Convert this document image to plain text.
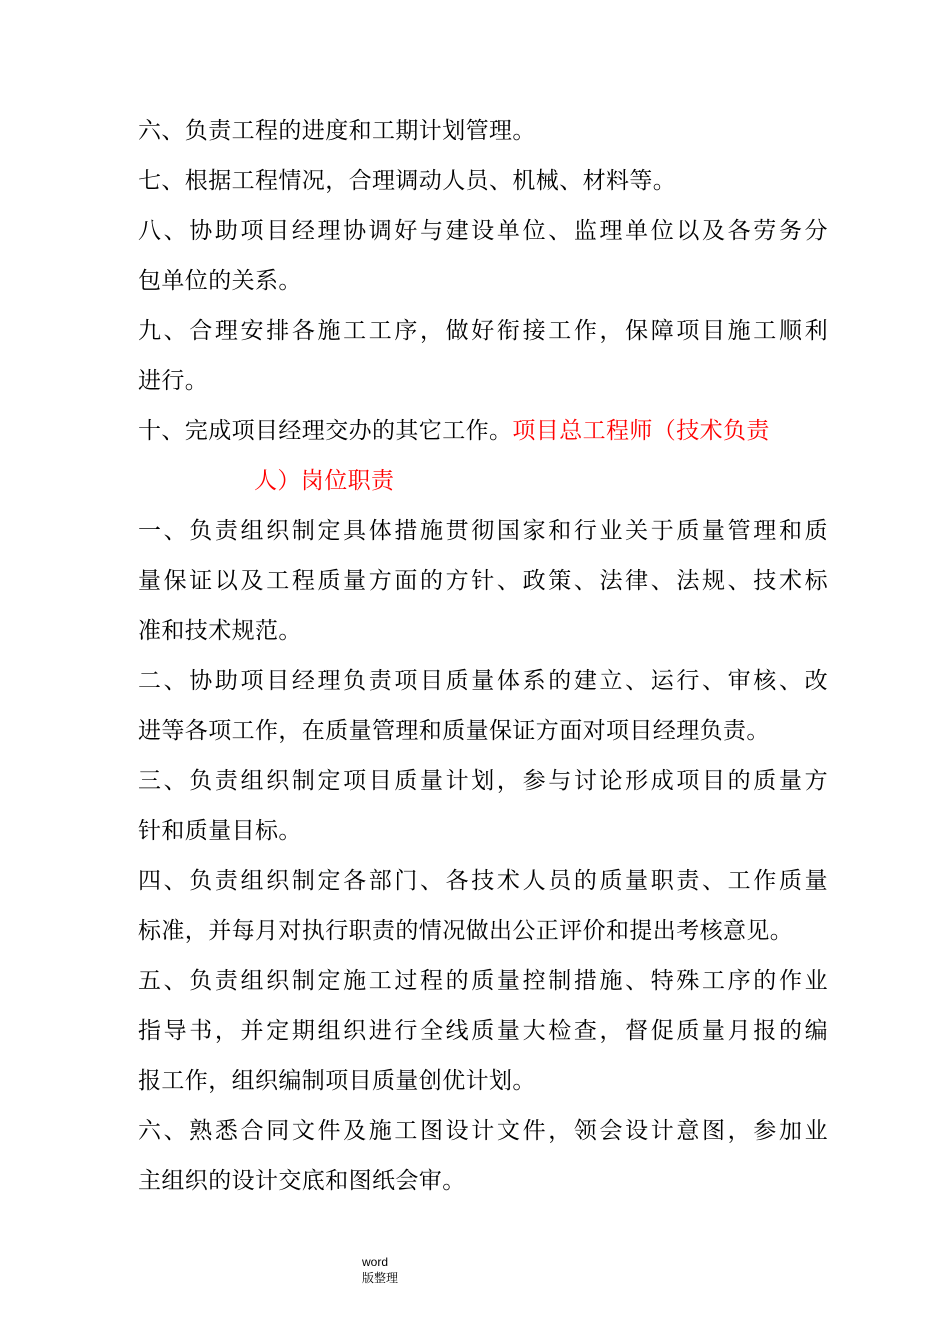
六、负责工程的进度和工期计划管理。
七、根据工程情况，合理调动人员、机械、材料等。
八、协助项目经理协调好与建设单位、监理单位以及各劳务分
包单位的关系。
九、合理安排各施工工序，做好衔接工作，保障项目施工顺利
进行。
十、完成项目经理交办的其它工作。项目总工程师（技术负责
人）岗位职责
一、负责组织制定具体措施贯彻国家和行业关于质量管理和质
量保证以及工程质量方面的方针、政策、法律、法规、技术标
准和技术规范。
二、协助项目经理负责项目质量体系的建立、运行、审核、改
进等各项工作，在质量管理和质量保证方面对项目经理负责。
三、负责组织制定项目质量计划，参与讨论形成项目的质量方
针和质量目标。
四、负责组织制定各部门、各技术人员的质量职责、工作质量
标准，并每月对执行职责的情况做出公正评价和提出考核意见。
五、负责组织制定施工过程的质量控制措施、特殊工序的作业
指导书，并定期组织进行全线质量大检查，督促质量月报的编
报工作，组织编制项目质量创优计划。
六、熟悉合同文件及施工图设计文件，领会设计意图，参加业
主组织的设计交底和图纸会审。
word
版整理
